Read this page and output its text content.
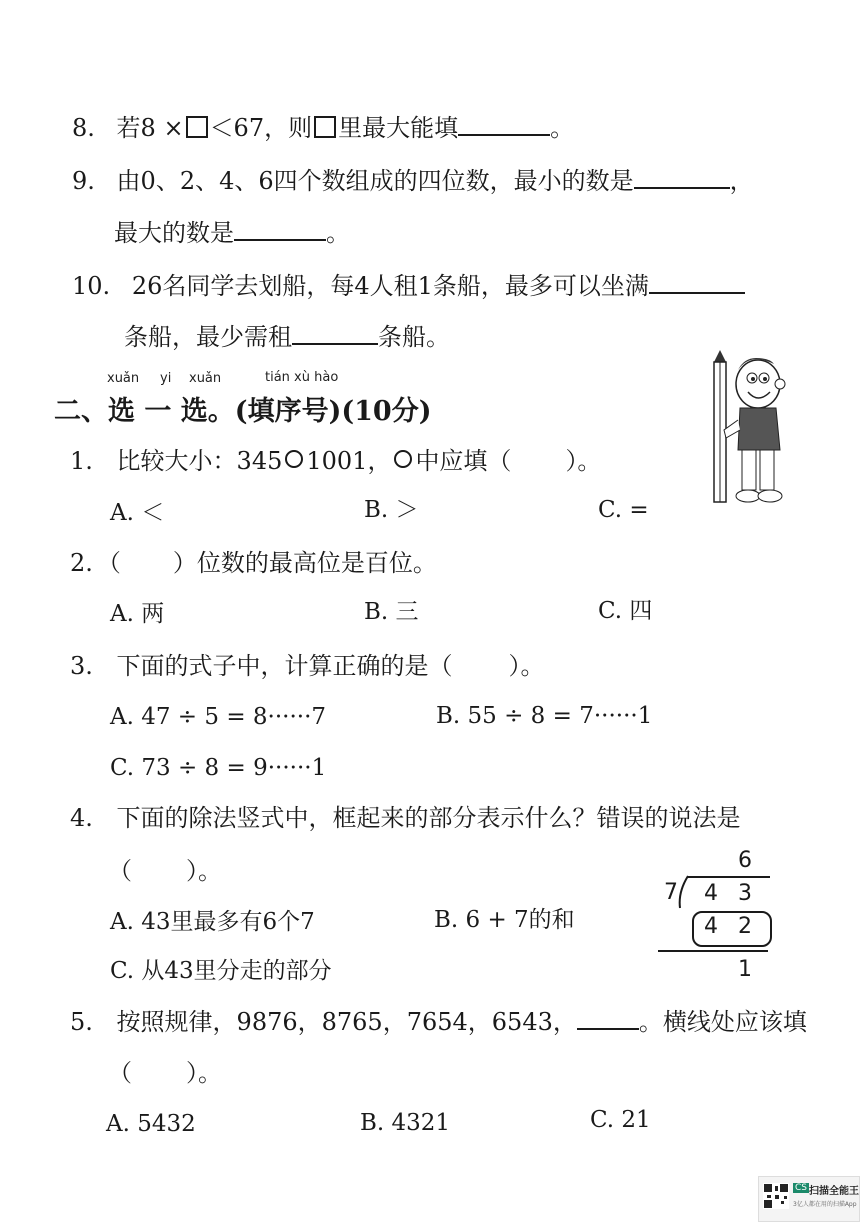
8. 若8 × ＜67，则 里最大能填	。
9. 由0、2、4、6四个数组成的四位数，最小的数是	，
最大的数是	。
10. 26名同学去划船，每4人租1条船，最多可以坐满
条船，最少需租	条船。
xuǎn yi xuǎn	tián xù hào
二、选 一 选。(填序号)(10分)
1. 比较大小：345 1001， 中应填（ ）。
A. ＜	B. ＞	C. =
2. （ ）位数的最高位是百位。
A. 两	B. 三	C. 四
3. 下面的式子中，计算正确的是（ ）。
A. 47 ÷ 5 = 8······7	B. 55 ÷ 8 = 7······1
C. 73 ÷ 8 = 9······1
4. 下面的除法竖式中，框起来的部分表示什么？错误的说法是
（ ）。
A. 43里最多有6个7	B. 6 + 7的和
C. 从43里分走的部分
6
7 4 3
4 2
1
5. 按照规律，9876，8765，7654，6543，	。横线处应该填
（ ）。
A. 5432	B. 4321	C. 21
CS 扫描全能王
3亿人都在用的扫描App
